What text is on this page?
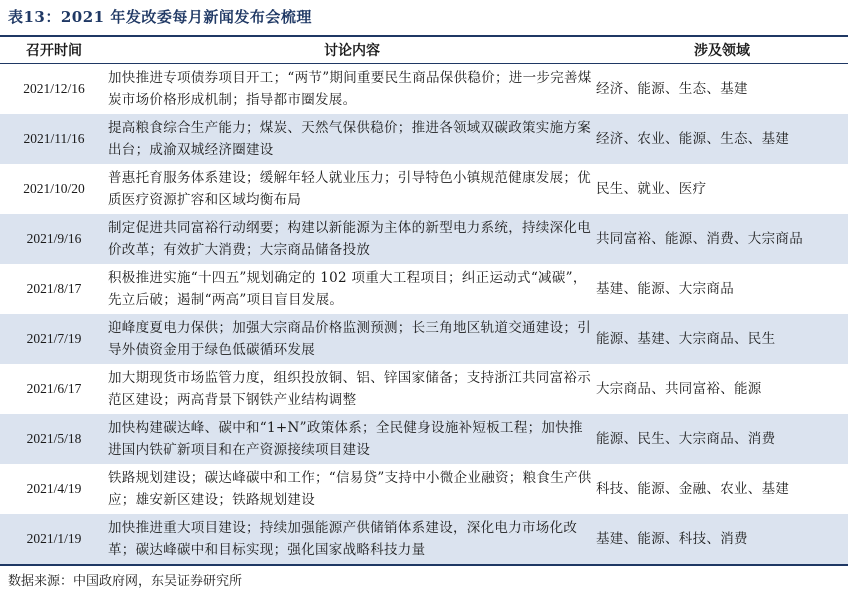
表13：2021 年发改委每月新闻发布会梳理
召开时间	讨论内容	涉及领域
2021/12/16	加快推进专项债券项目开工；“两节”期间重要民生商品保供稳价；进一步完善煤炭市场价格形成机制；指导都市圈发展。	经济、能源、生态、基建
2021/11/16	提高粮食综合生产能力；煤炭、天然气保供稳价；推进各领域双碳政策实施方案出台；成渝双城经济圈建设	经济、农业、能源、生态、基建
2021/10/20	普惠托育服务体系建设；缓解年轻人就业压力；引导特色小镇规范健康发展；优质医疗资源扩容和区域均衡布局	民生、就业、医疗
2021/9/16	制定促进共同富裕行动纲要；构建以新能源为主体的新型电力系统，持续深化电价改革；有效扩大消费；大宗商品储备投放	共同富裕、能源、消费、大宗商品
2021/8/17	积极推进实施“十四五”规划确定的 102 项重大工程项目；纠正运动式“减碳”，先立后破；遏制“两高”项目盲目发展。	基建、能源、大宗商品
2021/7/19	迎峰度夏电力保供；加强大宗商品价格监测预测；长三角地区轨道交通建设；引导外债资金用于绿色低碳循环发展	能源、基建、大宗商品、民生
2021/6/17	加大期现货市场监管力度，组织投放铜、铝、锌国家储备；支持浙江共同富裕示范区建设；两高背景下钢铁产业结构调整	大宗商品、共同富裕、能源
2021/5/18	加快构建碳达峰、碳中和“1+N”政策体系；全民健身设施补短板工程；加快推进国内铁矿新项目和在产资源接续项目建设	能源、民生、大宗商品、消费
2021/4/19	铁路规划建设；碳达峰碳中和工作；“信易贷”支持中小微企业融资；粮食生产供应；雄安新区建设；铁路规划建设	科技、能源、金融、农业、基建
2021/1/19	加快推进重大项目建设；持续加强能源产供储销体系建设，深化电力市场化改革；碳达峰碳中和目标实现；强化国家战略科技力量	基建、能源、科技、消费
数据来源：中国政府网，东吴证券研究所
